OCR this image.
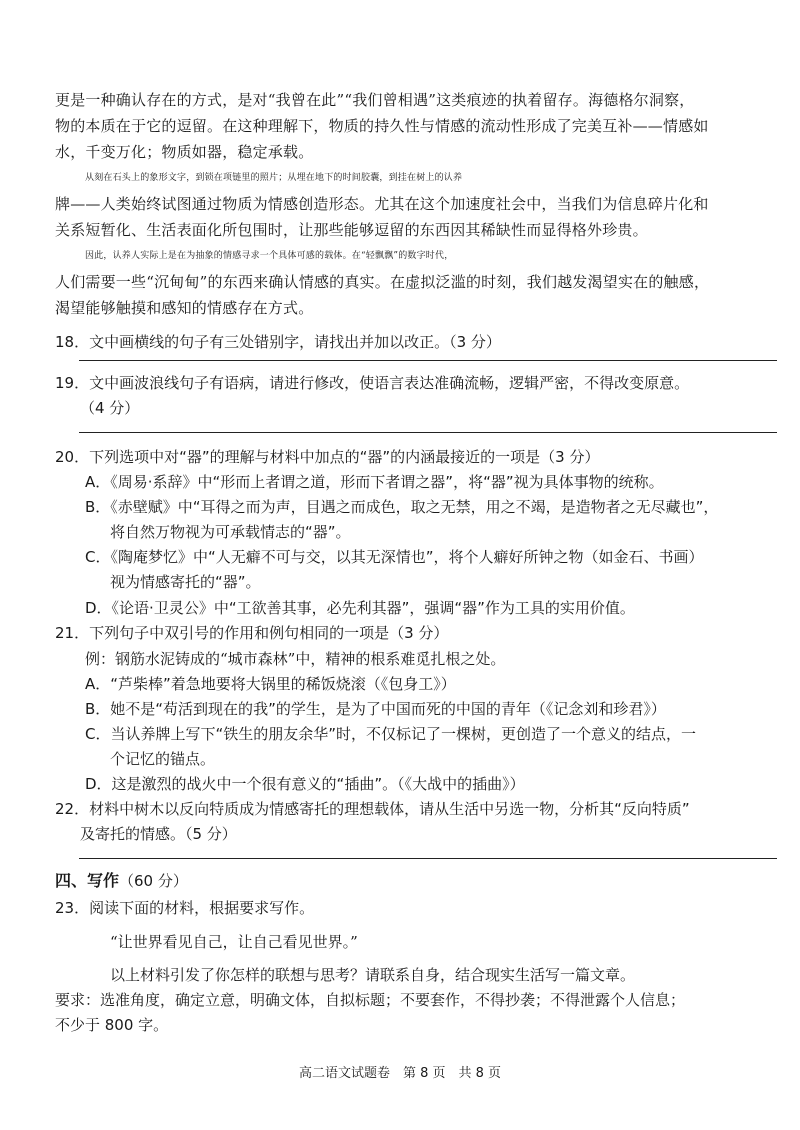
更是一种确认存在的方式，是对“我曾在此”“我们曾相遇”这类痕迹的执着留存。海德格尔洞察，

物的本质在于它的逗留。在这种理解下，物质的持久性与情感的流动性形成了完美互补——情感如

水，千变万化；物质如器，稳定承载。

从刻在石头上的象形文字，到锁在项链里的照片；从埋在地下的时间胶囊，到挂在树上的认养

牌——人类始终试图通过物质为情感创造形态。尤其在这个加速度社会中，当我们为信息碎片化和

关系短暂化、生活表面化所包围时，让那些能够逗留的东西因其稀缺性而显得格外珍贵。

因此，认养人实际上是在为抽象的情感寻求一个具体可感的载体。在“轻飘飘”的数字时代，

人们需要一些“沉甸甸”的东西来确认情感的真实。在虚拟泛滥的时刻，我们越发渴望实在的触感，

渴望能够触摸和感知的情感存在方式。

18．文中画横线的句子有三处错别字，请找出并加以改正。（3 分）

19．文中画波浪线句子有语病，请进行修改，使语言表达准确流畅，逻辑严密，不得改变原意。

（4 分）

20．下列选项中对“器”的理解与材料中加点的“器”的内涵最接近的一项是（3 分）

A．《周易·系辞》中“形而上者谓之道，形而下者谓之器”，将“器”视为具体事物的统称。

B．《赤壁赋》中“耳得之而为声，目遇之而成色，取之无禁，用之不竭，是造物者之无尽藏也”，

将自然万物视为可承载情志的“器”。

C．《陶庵梦忆》中“人无癖不可与交，以其无深情也”，将个人癖好所钟之物（如金石、书画）

视为情感寄托的“器”。

D．《论语·卫灵公》中“工欲善其事，必先利其器”，强调“器”作为工具的实用价值。

21．下列句子中双引号的作用和例句相同的一项是（3 分）

例：钢筋水泥铸成的“城市森林”中，精神的根系难觅扎根之处。

A．“芦柴棒”着急地要将大锅里的稀饭烧滚（《包身工》）

B．她不是“苟活到现在的我”的学生，是为了中国而死的中国的青年（《记念刘和珍君》）

C．当认养牌上写下“铁生的朋友余华”时，不仅标记了一棵树，更创造了一个意义的结点，一

个记忆的锚点。

D．这是激烈的战火中一个很有意义的“插曲”。（《大战中的插曲》）

22．材料中树木以反向特质成为情感寄托的理想载体，请从生活中另选一物，分析其“反向特质”

及寄托的情感。（5 分）

四、写作（60 分）

23．阅读下面的材料，根据要求写作。

“让世界看见自己，让自己看见世界。”

以上材料引发了你怎样的联想与思考？请联系自身，结合现实生活写一篇文章。

要求：选准角度，确定立意，明确文体，自拟标题；不要套作，不得抄袭；不得泄露个人信息；

不少于 800 字。

高二语文试题卷　第 8 页　共 8 页
